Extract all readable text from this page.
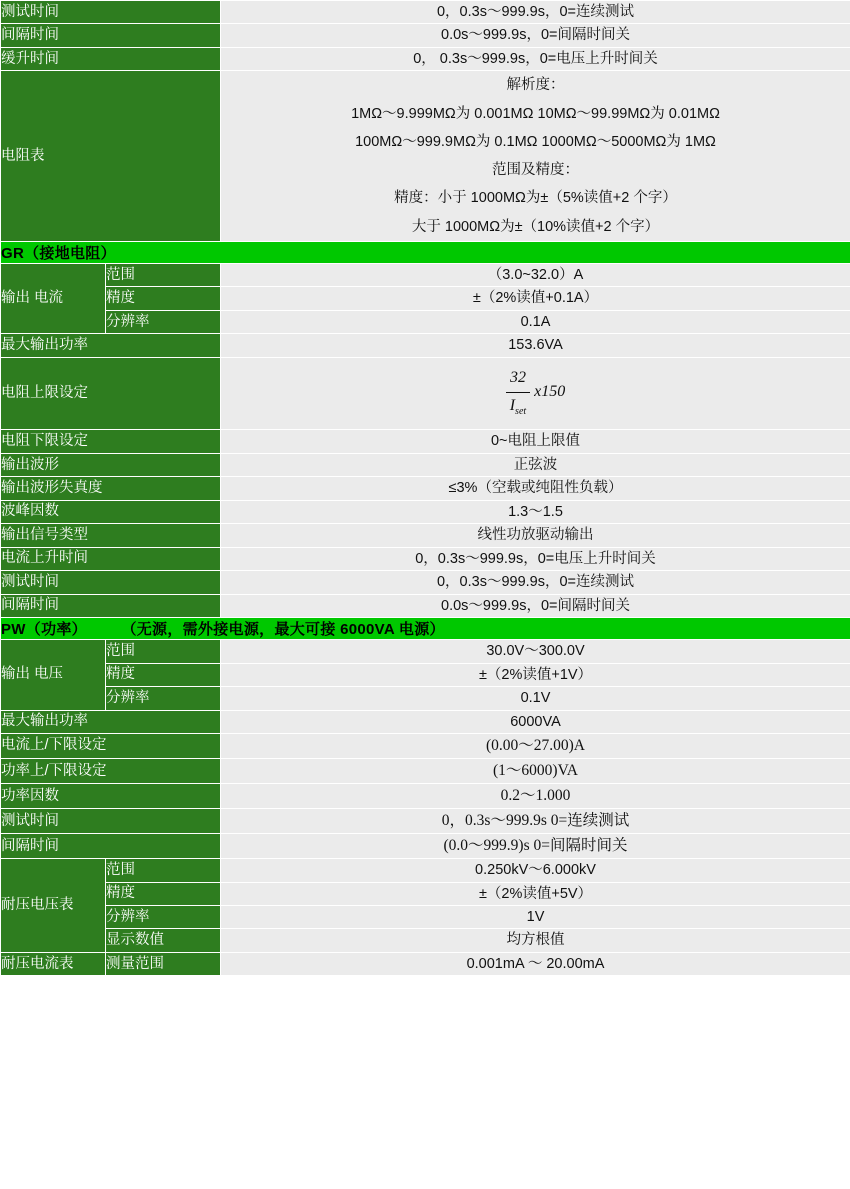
测试时间		0，0.3s～999.9s，0=连续测试
间隔时间		0.0s～999.9s，0=间隔时间关
缓升时间		0， 0.3s～999.9s，0=电压上升时间关
电阻表	
解析度：
1MΩ～9.999MΩ为 0.001MΩ 10MΩ～99.99MΩ为 0.01MΩ
100MΩ～999.9MΩ为 0.1MΩ 1000MΩ～5000MΩ为 1MΩ
范围及精度：
精度：小于 1000MΩ为±（5%读值+2 个字）
大于 1000MΩ为±（10%读值+2 个字）

GR（接地电阻）		
输出 电流	范围	（3.0~32.0）A
	精度	±（2%读值+0.1A）
	分辨率	0.1A
最大输出功率		153.6VA
电阻上限设定		$\frac{32}{I_{set}} x150$

电阻下限设定		0~电阻上限值
输出波形		正弦波
输出波形失真度		≤3%（空载或纯阻性负载）
波峰因数		1.3～1.5
输出信号类型		线性功放驱动输出
电流上升时间		0，0.3s～999.9s，0=电压上升时间关
测试时间		0，0.3s～999.9s，0=连续测试
间隔时间		0.0s～999.9s，0=间隔时间关
PW（功率） （无源，需外接电源，最大可接 6000VA 电源）		
输出 电压	范围	30.0V～300.0V
	精度	±（2%读值+1V）
	分辨率	0.1V
最大输出功率		6000VA
电流上/下限设定		(0.00～27.00)A
功率上/下限设定		(1～6000)VA
功率因数		0.2～1.000
测试时间		0，0.3s～999.9s 0=连续测试
间隔时间		(0.0～999.9)s 0=间隔时间关
耐压电压表	范围	0.250kV～6.000kV
	精度	±（2%读值+5V）
	分辨率	1V
	显示数值	均方根值
耐压电流表	测量范围	0.001mA ～ 20.00mA
